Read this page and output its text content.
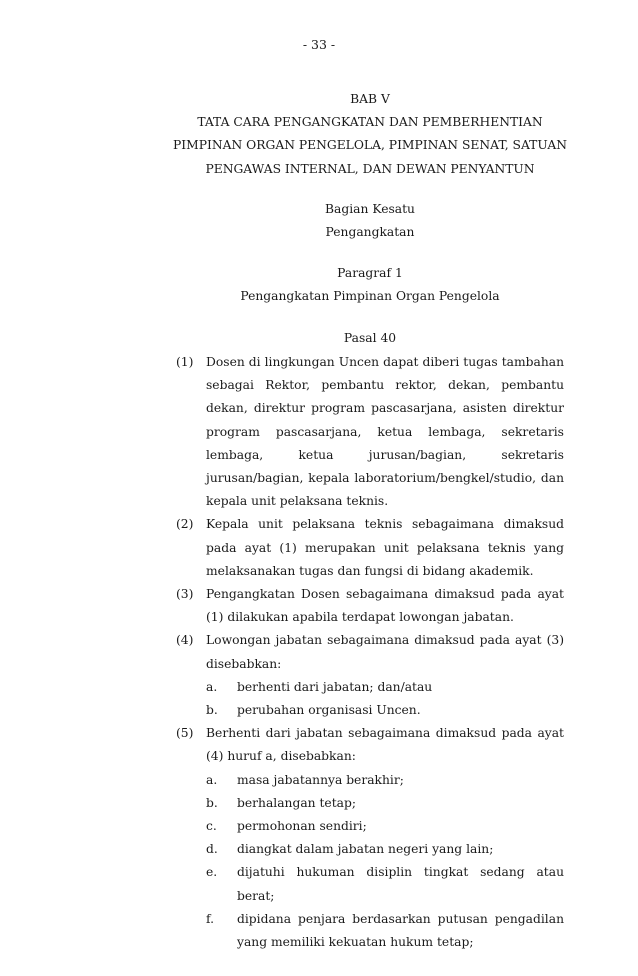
- 33 -
BAB V
TATA CARA PENGANGKATAN DAN PEMBERHENTIAN
PIMPINAN ORGAN PENGELOLA, PIMPINAN SENAT, SATUAN
PENGAWAS INTERNAL, DAN DEWAN PENYANTUN
Bagian Kesatu
Pengangkatan
Paragraf 1
Pengangkatan Pimpinan Organ Pengelola
Pasal 40
(1) Dosen di lingkungan Uncen dapat diberi tugas tambahan sebagai Rektor, pembantu rektor, dekan, pembantu dekan, direktur program pascasarjana, asisten direktur program pascasarjana, ketua lembaga, sekretaris lembaga, ketua jurusan/bagian, sekretaris jurusan/bagian, kepala laboratorium/bengkel/studio, dan kepala unit pelaksana teknis.
(2) Kepala unit pelaksana teknis sebagaimana dimaksud pada ayat (1) merupakan unit pelaksana teknis yang melaksanakan tugas dan fungsi di bidang akademik.
(3) Pengangkatan Dosen sebagaimana dimaksud pada ayat (1) dilakukan apabila terdapat lowongan jabatan.
(4) Lowongan jabatan sebagaimana dimaksud pada ayat (3) disebabkan:
a. berhenti dari jabatan; dan/atau
b. perubahan organisasi Uncen.
(5) Berhenti dari jabatan sebagaimana dimaksud pada ayat (4) huruf a, disebabkan:
a. masa jabatannya berakhir;
b. berhalangan tetap;
c. permohonan sendiri;
d. diangkat dalam jabatan negeri yang lain;
e. dijatuhi hukuman disiplin tingkat sedang atau berat;
f. dipidana penjara berdasarkan putusan pengadilan yang memiliki kekuatan hukum tetap;
